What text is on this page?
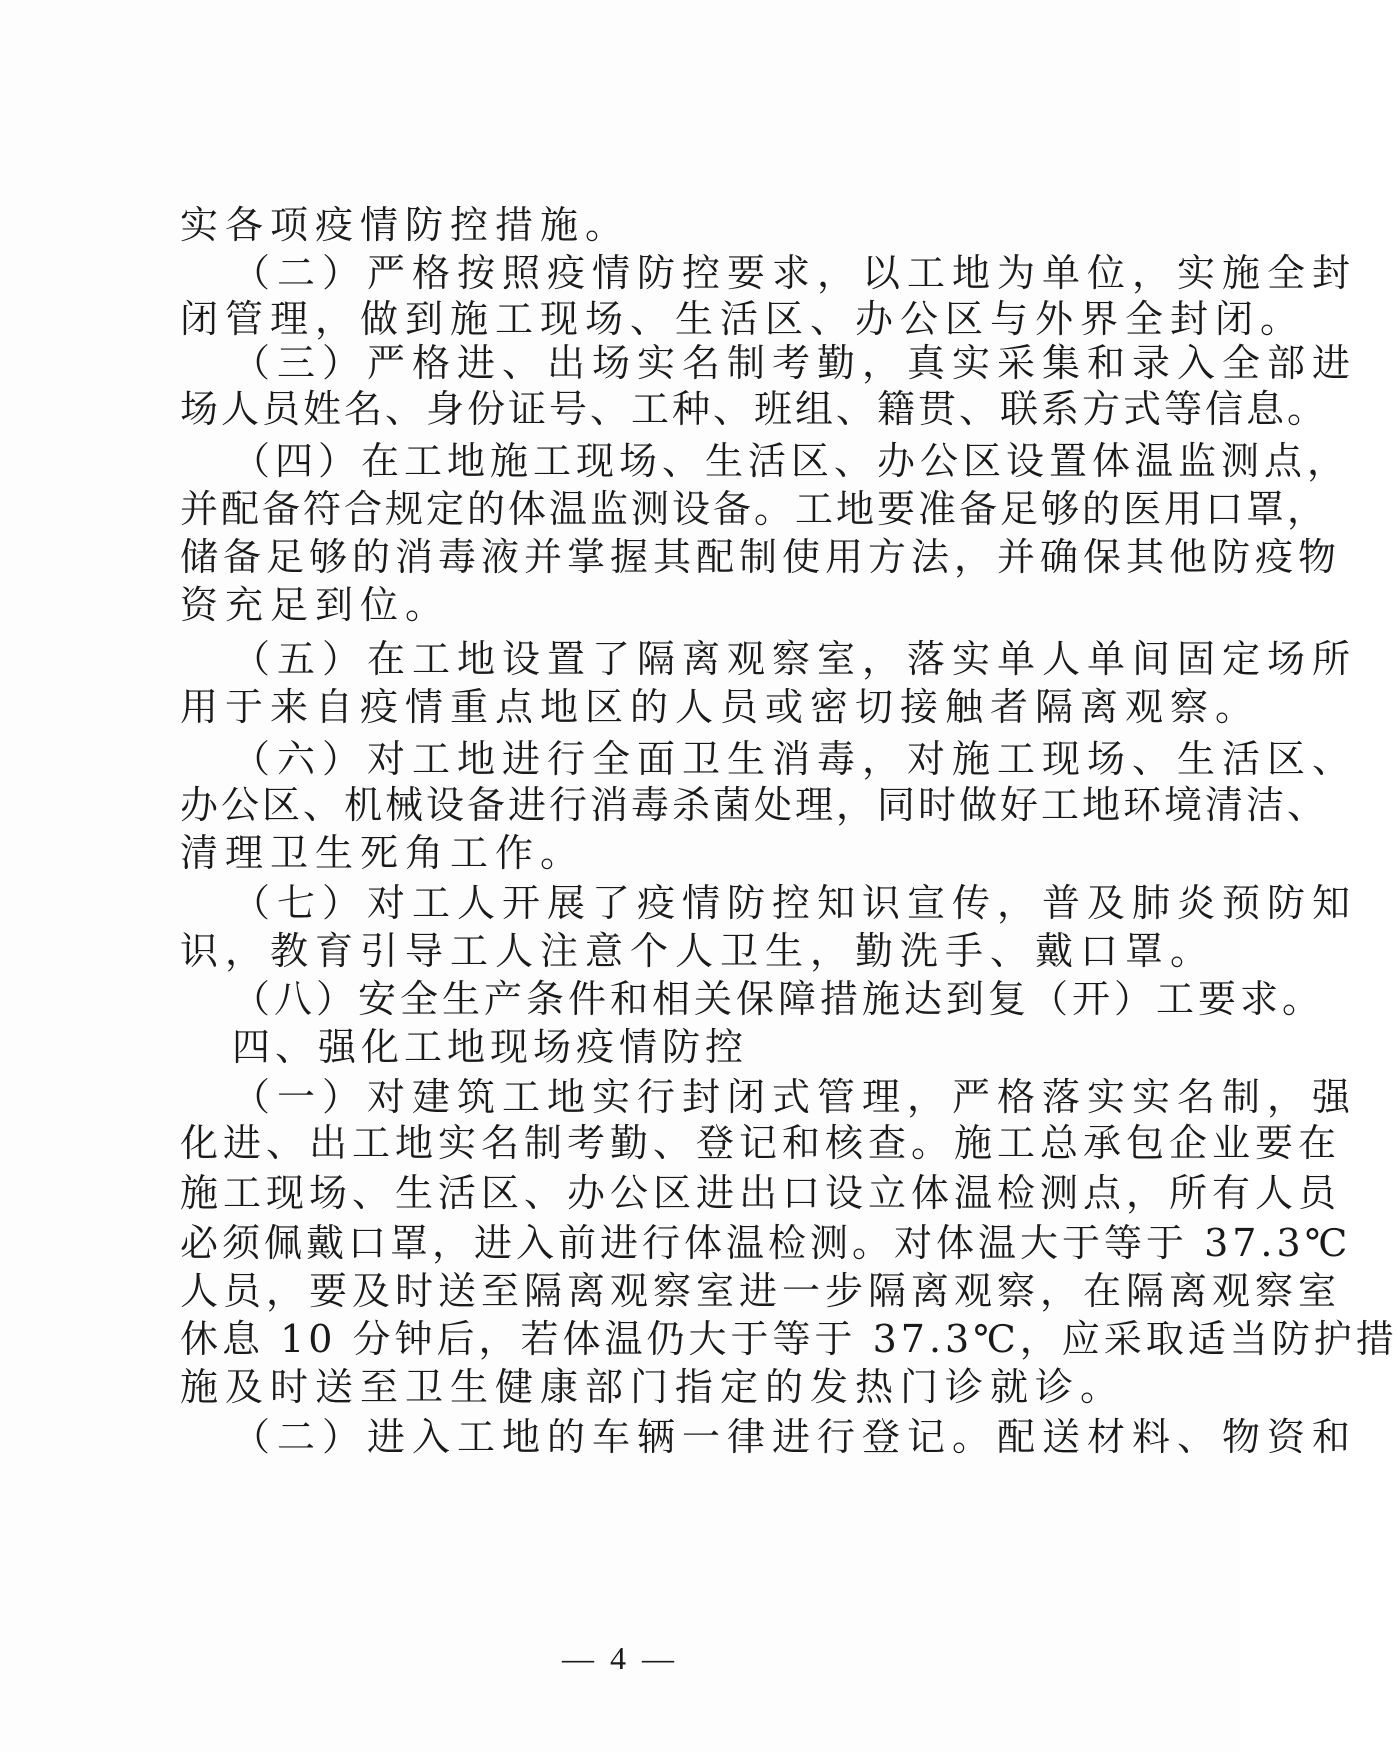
实各项疫情防控措施。
（二）严格按照疫情防控要求，以工地为单位，实施全封
闭管理，做到施工现场、生活区、办公区与外界全封闭。
（三）严格进、出场实名制考勤，真实采集和录入全部进
场人员姓名、身份证号、工种、班组、籍贯、联系方式等信息。
（四）在工地施工现场、生活区、办公区设置体温监测点，
并配备符合规定的体温监测设备。工地要准备足够的医用口罩，
储备足够的消毒液并掌握其配制使用方法，并确保其他防疫物
资充足到位。
（五）在工地设置了隔离观察室，落实单人单间固定场所
用于来自疫情重点地区的人员或密切接触者隔离观察。
（六）对工地进行全面卫生消毒，对施工现场、生活区、
办公区、机械设备进行消毒杀菌处理，同时做好工地环境清洁、
清理卫生死角工作。
（七）对工人开展了疫情防控知识宣传，普及肺炎预防知
识，教育引导工人注意个人卫生，勤洗手、戴口罩。
（八）安全生产条件和相关保障措施达到复（开）工要求。
四、强化工地现场疫情防控
（一）对建筑工地实行封闭式管理，严格落实实名制，强
化进、出工地实名制考勤、登记和核查。施工总承包企业要在
施工现场、生活区、办公区进出口设立体温检测点，所有人员
必须佩戴口罩，进入前进行体温检测。对体温大于等于 37.3℃
人员，要及时送至隔离观察室进一步隔离观察，在隔离观察室
休息 10 分钟后，若体温仍大于等于 37.3℃，应采取适当防护措
施及时送至卫生健康部门指定的发热门诊就诊。
（二）进入工地的车辆一律进行登记。配送材料、物资和
— 4 —
